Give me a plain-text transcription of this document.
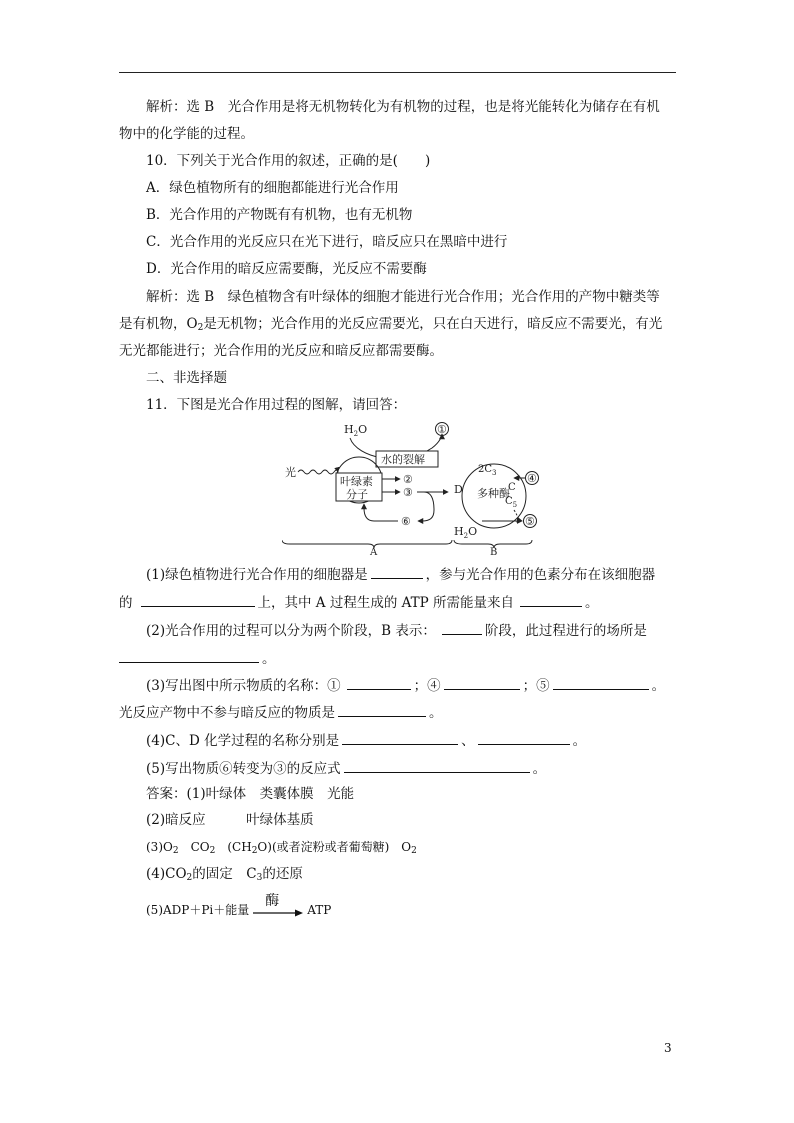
解析：选 B　光合作用是将无机物转化为有机物的过程，也是将光能转化为储存在有机
物中的化学能的过程。
10．下列关于光合作用的叙述，正确的是(　　)
A．绿色植物所有的细胞都能进行光合作用
B．光合作用的产物既有有机物，也有无机物
C．光合作用的光反应只在光下进行，暗反应只在黑暗中进行
D．光合作用的暗反应需要酶，光反应不需要酶
解析：选 B　绿色植物含有叶绿体的细胞才能进行光合作用；光合作用的产物中糖类等
是有机物，$O_2$是无机物；光合作用的光反应需要光，只在白天进行，暗反应不需要光，有光
无光都能进行；光合作用的光反应和暗反应都需要酶。
二、非选择题
11．下图是光合作用过程的图解，请回答：
$H_2O$	①
水的裂解
光
叶绿素
分子
②
③
⑥
D
$2C_3$	④
C
$C_5$
多种酶
$H_2O$
⑤
A	B
(1)绿色植物进行光合作用的细胞器是	，参与光合作用的色素分布在该细胞器
的	上，其中 A 过程生成的 ATP 所需能量来自	。
(2)光合作用的过程可以分为两个阶段，B 表示：	阶段，此过程进行的场所是
。
(3)写出图中所示物质的名称：①	；④	；⑤	。
光反应产物中不参与暗反应的物质是	。
(4)C、D 化学过程的名称分别是	、	。
(5)写出物质⑥转变为③的反应式	。
答案：(1)叶绿体　类囊体膜　光能
(2)暗反应　　　叶绿体基质
$(3)O_2$　$CO_2$　$(CH_2O)$(或者淀粉或者葡萄糖)　$O_2$
$(4)CO_2$的固定　$C_3$的还原
(5)ADP＋Pi＋能量
酶
ATP
3
